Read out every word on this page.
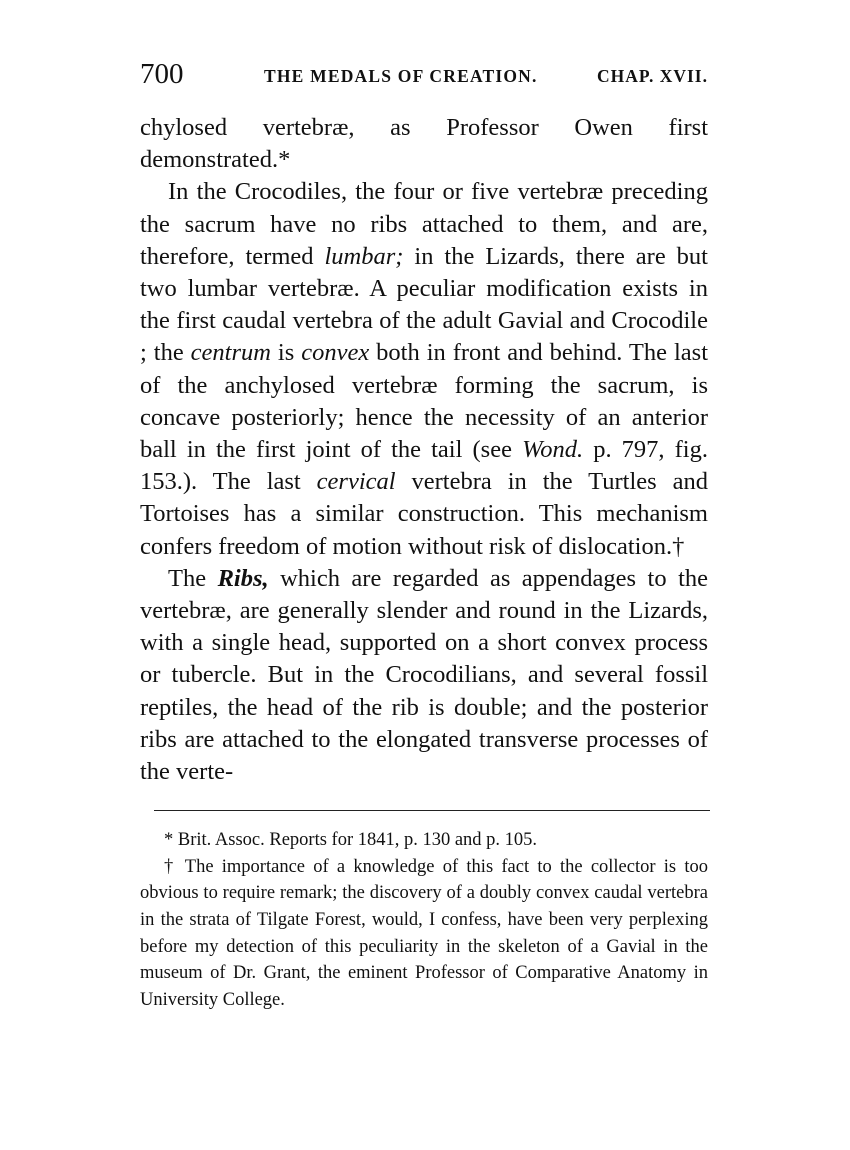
700	THE MEDALS OF CREATION.	CHAP. XVII.

chylosed vertebræ, as Professor Owen first demonstrated.*

In the Crocodiles, the four or five vertebræ preceding the sacrum have no ribs attached to them, and are, therefore, termed lumbar; in the Lizards, there are but two lumbar vertebræ. A peculiar modification exists in the first caudal vertebra of the adult Gavial and Crocodile ; the centrum is convex both in front and behind. The last of the anchylosed vertebræ forming the sacrum, is concave posteriorly; hence the necessity of an anterior ball in the first joint of the tail (see Wond. p. 797, fig. 153.). The last cervical vertebra in the Turtles and Tortoises has a similar construction. This mechanism confers freedom of motion without risk of dislocation.†

The Ribs, which are regarded as appendages to the vertebræ, are generally slender and round in the Lizards, with a single head, supported on a short convex process or tubercle. But in the Crocodilians, and several fossil reptiles, the head of the rib is double; and the posterior ribs are attached to the elongated transverse processes of the verte-

* Brit. Assoc. Reports for 1841, p. 130 and p. 105.

† The importance of a knowledge of this fact to the collector is too obvious to require remark; the discovery of a doubly convex caudal vertebra in the strata of Tilgate Forest, would, I confess, have been very perplexing before my detection of this peculiarity in the skeleton of a Gavial in the museum of Dr. Grant, the eminent Professor of Comparative Anatomy in University College.
